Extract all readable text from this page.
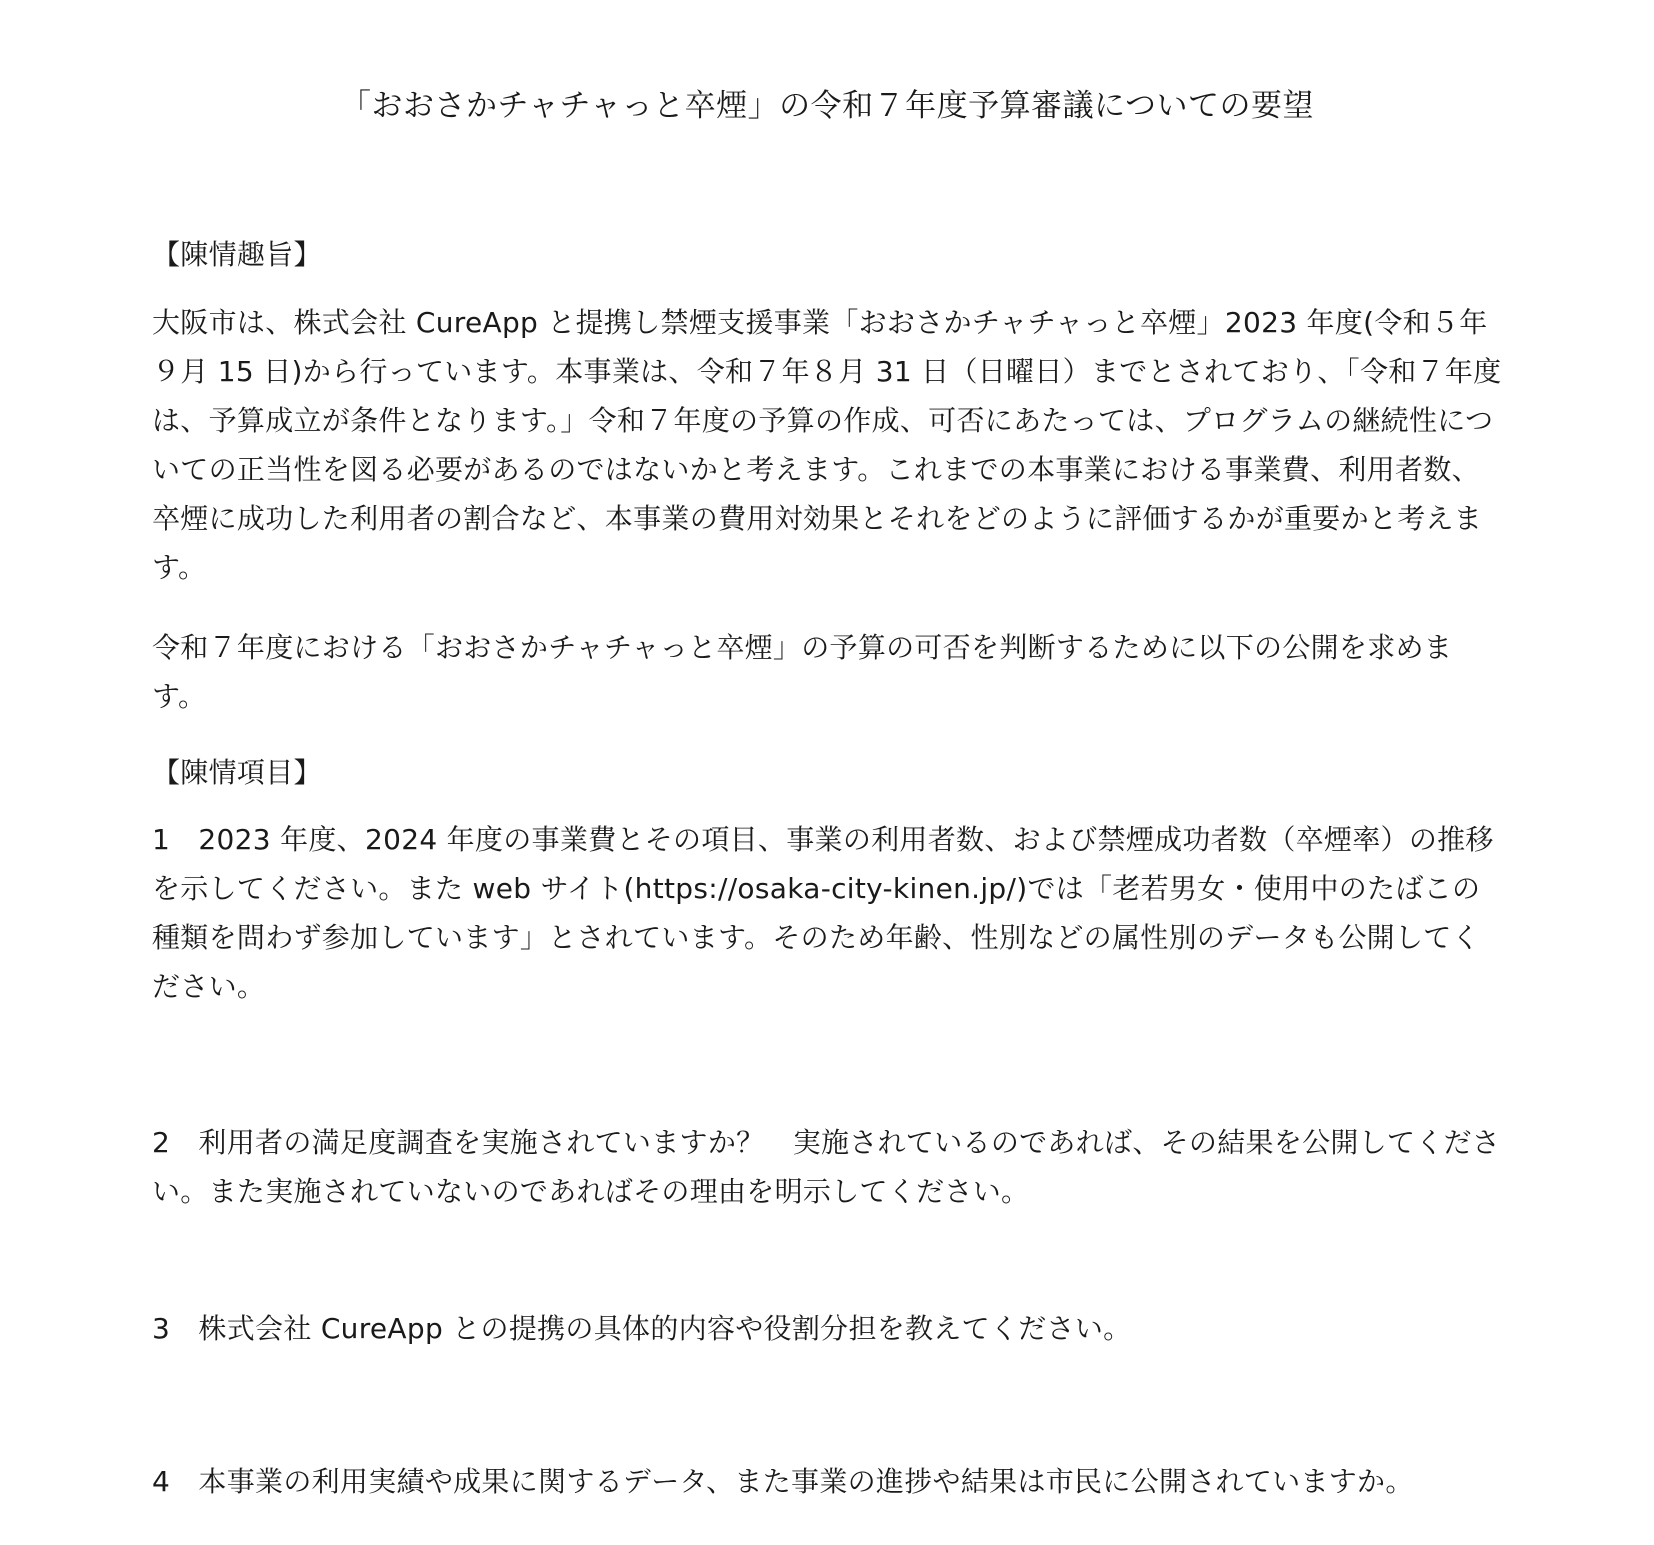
「おおさかチャチャっと卒煙」の令和７年度予算審議についての要望
【陳情趣旨】

大阪市は、株式会社 CureApp と提携し禁煙支援事業「おおさかチャチャっと卒煙」2023 年度(令和５年９月 15 日)から行っています。本事業は、令和７年８月 31 日（日曜日）までとされており、「令和７年度は、予算成立が条件となります。」令和７年度の予算の作成、可否にあたっては、プログラムの継続性についての正当性を図る必要があるのではないかと考えます。これまでの本事業における事業費、利用者数、卒煙に成功した利用者の割合など、本事業の費用対効果とそれをどのように評価するかが重要かと考えます。

令和７年度における「おおさかチャチャっと卒煙」の予算の可否を判断するために以下の公開を求めます。

【陳情項目】

1　2023 年度、2024 年度の事業費とその項目、事業の利用者数、および禁煙成功者数（卒煙率）の推移を示してください。また web サイト(https://osaka-city-kinen.jp/)では「老若男女・使用中のたばこの種類を問わず参加しています」とされています。そのため年齢、性別などの属性別のデータも公開してください。

2　利用者の満足度調査を実施されていますか？　実施されているのであれば、その結果を公開してください。また実施されていないのであればその理由を明示してください。

3　株式会社 CureApp との提携の具体的内容や役割分担を教えてください。

4　本事業の利用実績や成果に関するデータ、また事業の進捗や結果は市民に公開されていますか。
